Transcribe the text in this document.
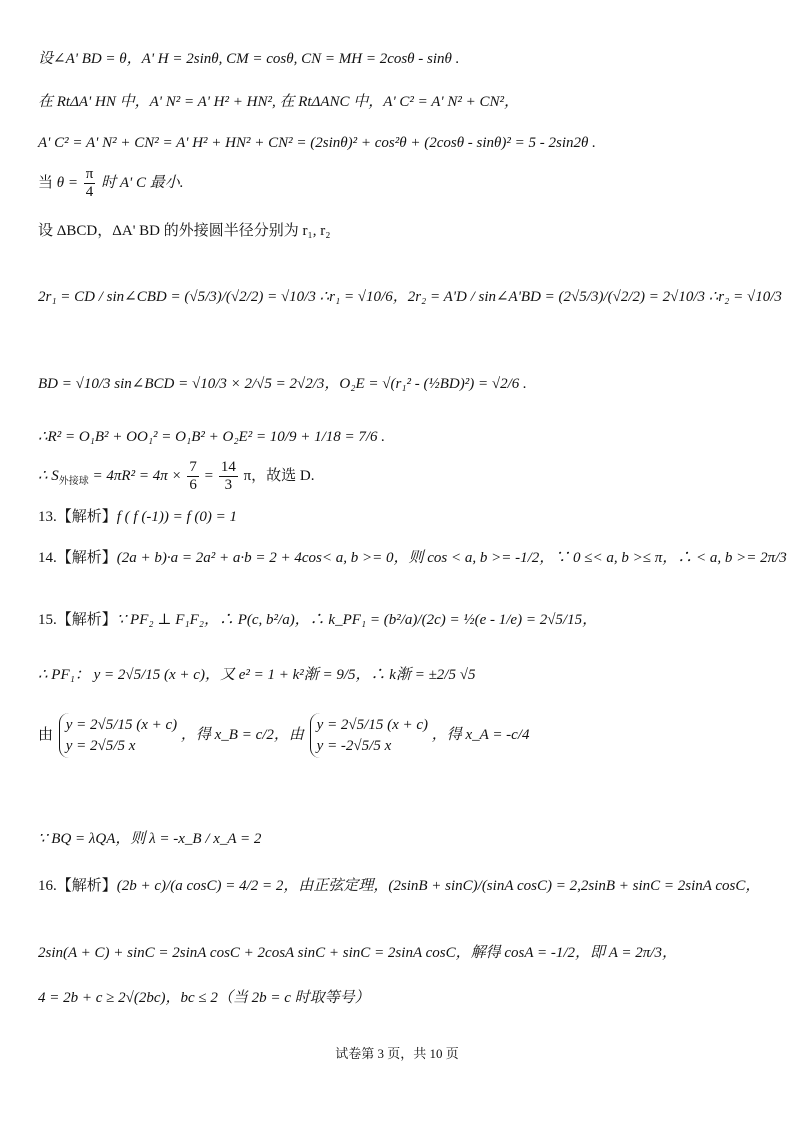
设∠A' BD = θ，A' H = 2sinθ, CM = cosθ, CN = MH = 2cosθ - sinθ .
在 RtΔA' HN 中，A' N² = A' H² + HN², 在 RtΔANC 中，A' C² = A' N² + CN²，
A' C² = A' N² + CN² = A' H² + HN² + CN² = (2sinθ)² + cos²θ + (2cosθ - sinθ)² = 5 - 2sin2θ .
当 $\theta = \frac{\pi}{4}$ 时 A' C 最小.
设 ΔBCD，ΔA' BD 的外接圆半径分别为 r₁, r₂
2r₁ = CD / sin∠CBD = (√5/3)/(√2/2) = √10/3 ∴r₁ = √10/6，2r₂ = A'D / sin∠A'BD = (2√5/3)/(√2/2) = 2√10/3 ∴r₂ = √10/3
BD = √10/3 sin∠BCD = √10/3 × 2/√5 = 2√2/3，O₂E = √(r₁² - (½BD)²) = √2/6 .
∴R² = O₁B² + OO₁² = O₁B² + O₂E² = 10/9 + 1/18 = 7/6 .
∴ $S_{外接球} = 4\pi R^2 = 4\pi \times \frac{7}{6} = \frac{14}{3}$ π，故选 D.
13.【解析】f ( f (-1)) = f (0) = 1
14.【解析】(2a + b)·a = 2a² + a·b = 2 + 4cos< a, b >= 0，则 cos < a, b >= -1/2，∵ 0 ≤< a, b >≤ π，∴ < a, b >= 2π/3
15.【解析】∵ PF₂ ⊥ F₁F₂，∴ P(c, b²/a)，∴ k_PF₁ = (b²/a)/(2c) = ½(e - 1/e) = 2√5/15，
∴ PF₁： y = 2√5/15 (x + c)，又 e² = 1 + k²渐 = 9/5，∴ k渐 = ±2/5 √5
由
y = 2√5/15 (x + c)
y = 2√5/5 x
，得 x_B = c/2，由
y = 2√5/15 (x + c)
y = -2√5/5 x
，得 x_A = -c/4
∵ BQ = λQA，则 λ = -x_B / x_A = 2
16.【解析】(2b + c)/(a cosC) = 4/2 = 2，由正弦定理，(2sinB + sinC)/(sinA cosC) = 2,2sinB + sinC = 2sinA cosC，
2sin(A + C) + sinC = 2sinA cosC + 2cosA sinC + sinC = 2sinA cosC，解得 cosA = -1/2，即 A = 2π/3，
4 = 2b + c ≥ 2√(2bc)，bc ≤ 2（当 2b = c 时取等号）
试卷第 3 页，共 10 页
